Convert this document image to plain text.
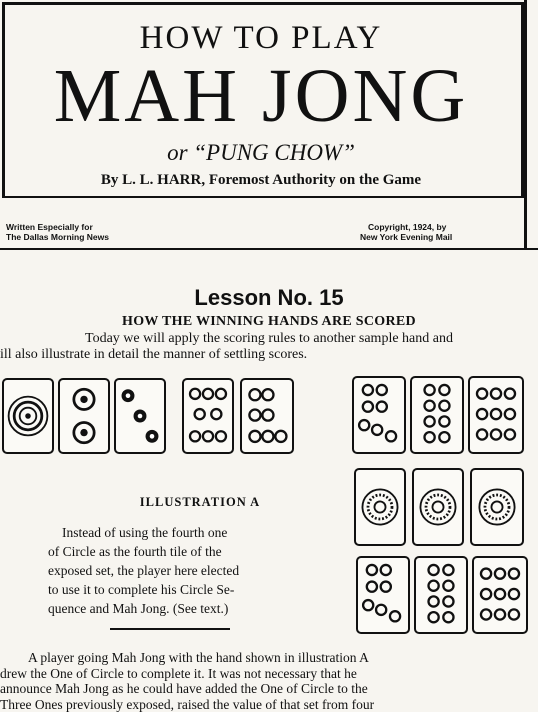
HOW TO PLAY
MAH JONG
or “PUNG CHOW”
By L. L. HARR, Foremost Authority on the Game
Written Especially for
The Dallas Morning News
Copyright, 1924, by
New York Evening Mail
Lesson No. 15
HOW THE WINNING HANDS ARE SCORED
Today we will apply the scoring rules to another sample hand and
ill also illustrate in detail the manner of settling scores.
ILLUSTRATION A
Instead of using the fourth one
of Circle as the fourth tile of the
exposed set, the player here elected
to use it to complete his Circle Se-
quence and Mah Jong. (See text.)
A player going Mah Jong with the hand shown in illustration A
drew the One of Circle to complete it. It was not necessary that he
announce Mah Jong as he could have added the One of Circle to the
Three Ones previously exposed, raised the value of that set from four
